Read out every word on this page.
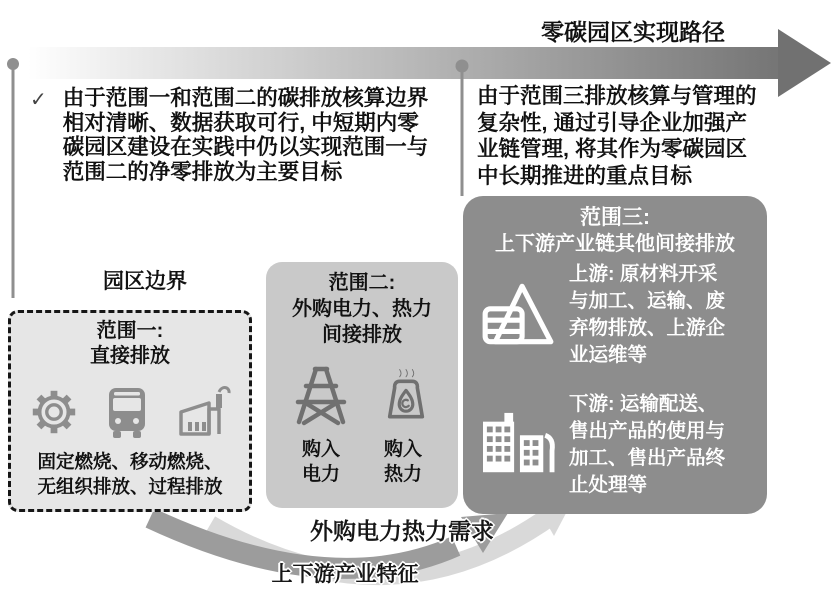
零碳园区实现路径
✓ 由于范围一和范围二的碳排放核算边界
相对清晰、数据获取可行, 中短期内零
碳园区建设在实践中仍以实现范围一与
范围二的净零排放为主要目标
由于范围三排放核算与管理的
复杂性, 通过引导企业加强产
业链管理, 将其作为零碳园区
中长期推进的重点目标
园区边界
范围一:
直接排放
固定燃烧、移动燃烧、
无组织排放、过程排放
范围二:
外购电力、热力
间接排放
购入
电力
购入
热力
范围三:
上下游产业链其他间接排放
上游: 原材料开采
与加工、运输、废
弃物排放、上游企
业运维等
下游: 运输配送、
售出产品的使用与
加工、售出产品终
止处理等
外购电力热力需求
上下游产业特征
